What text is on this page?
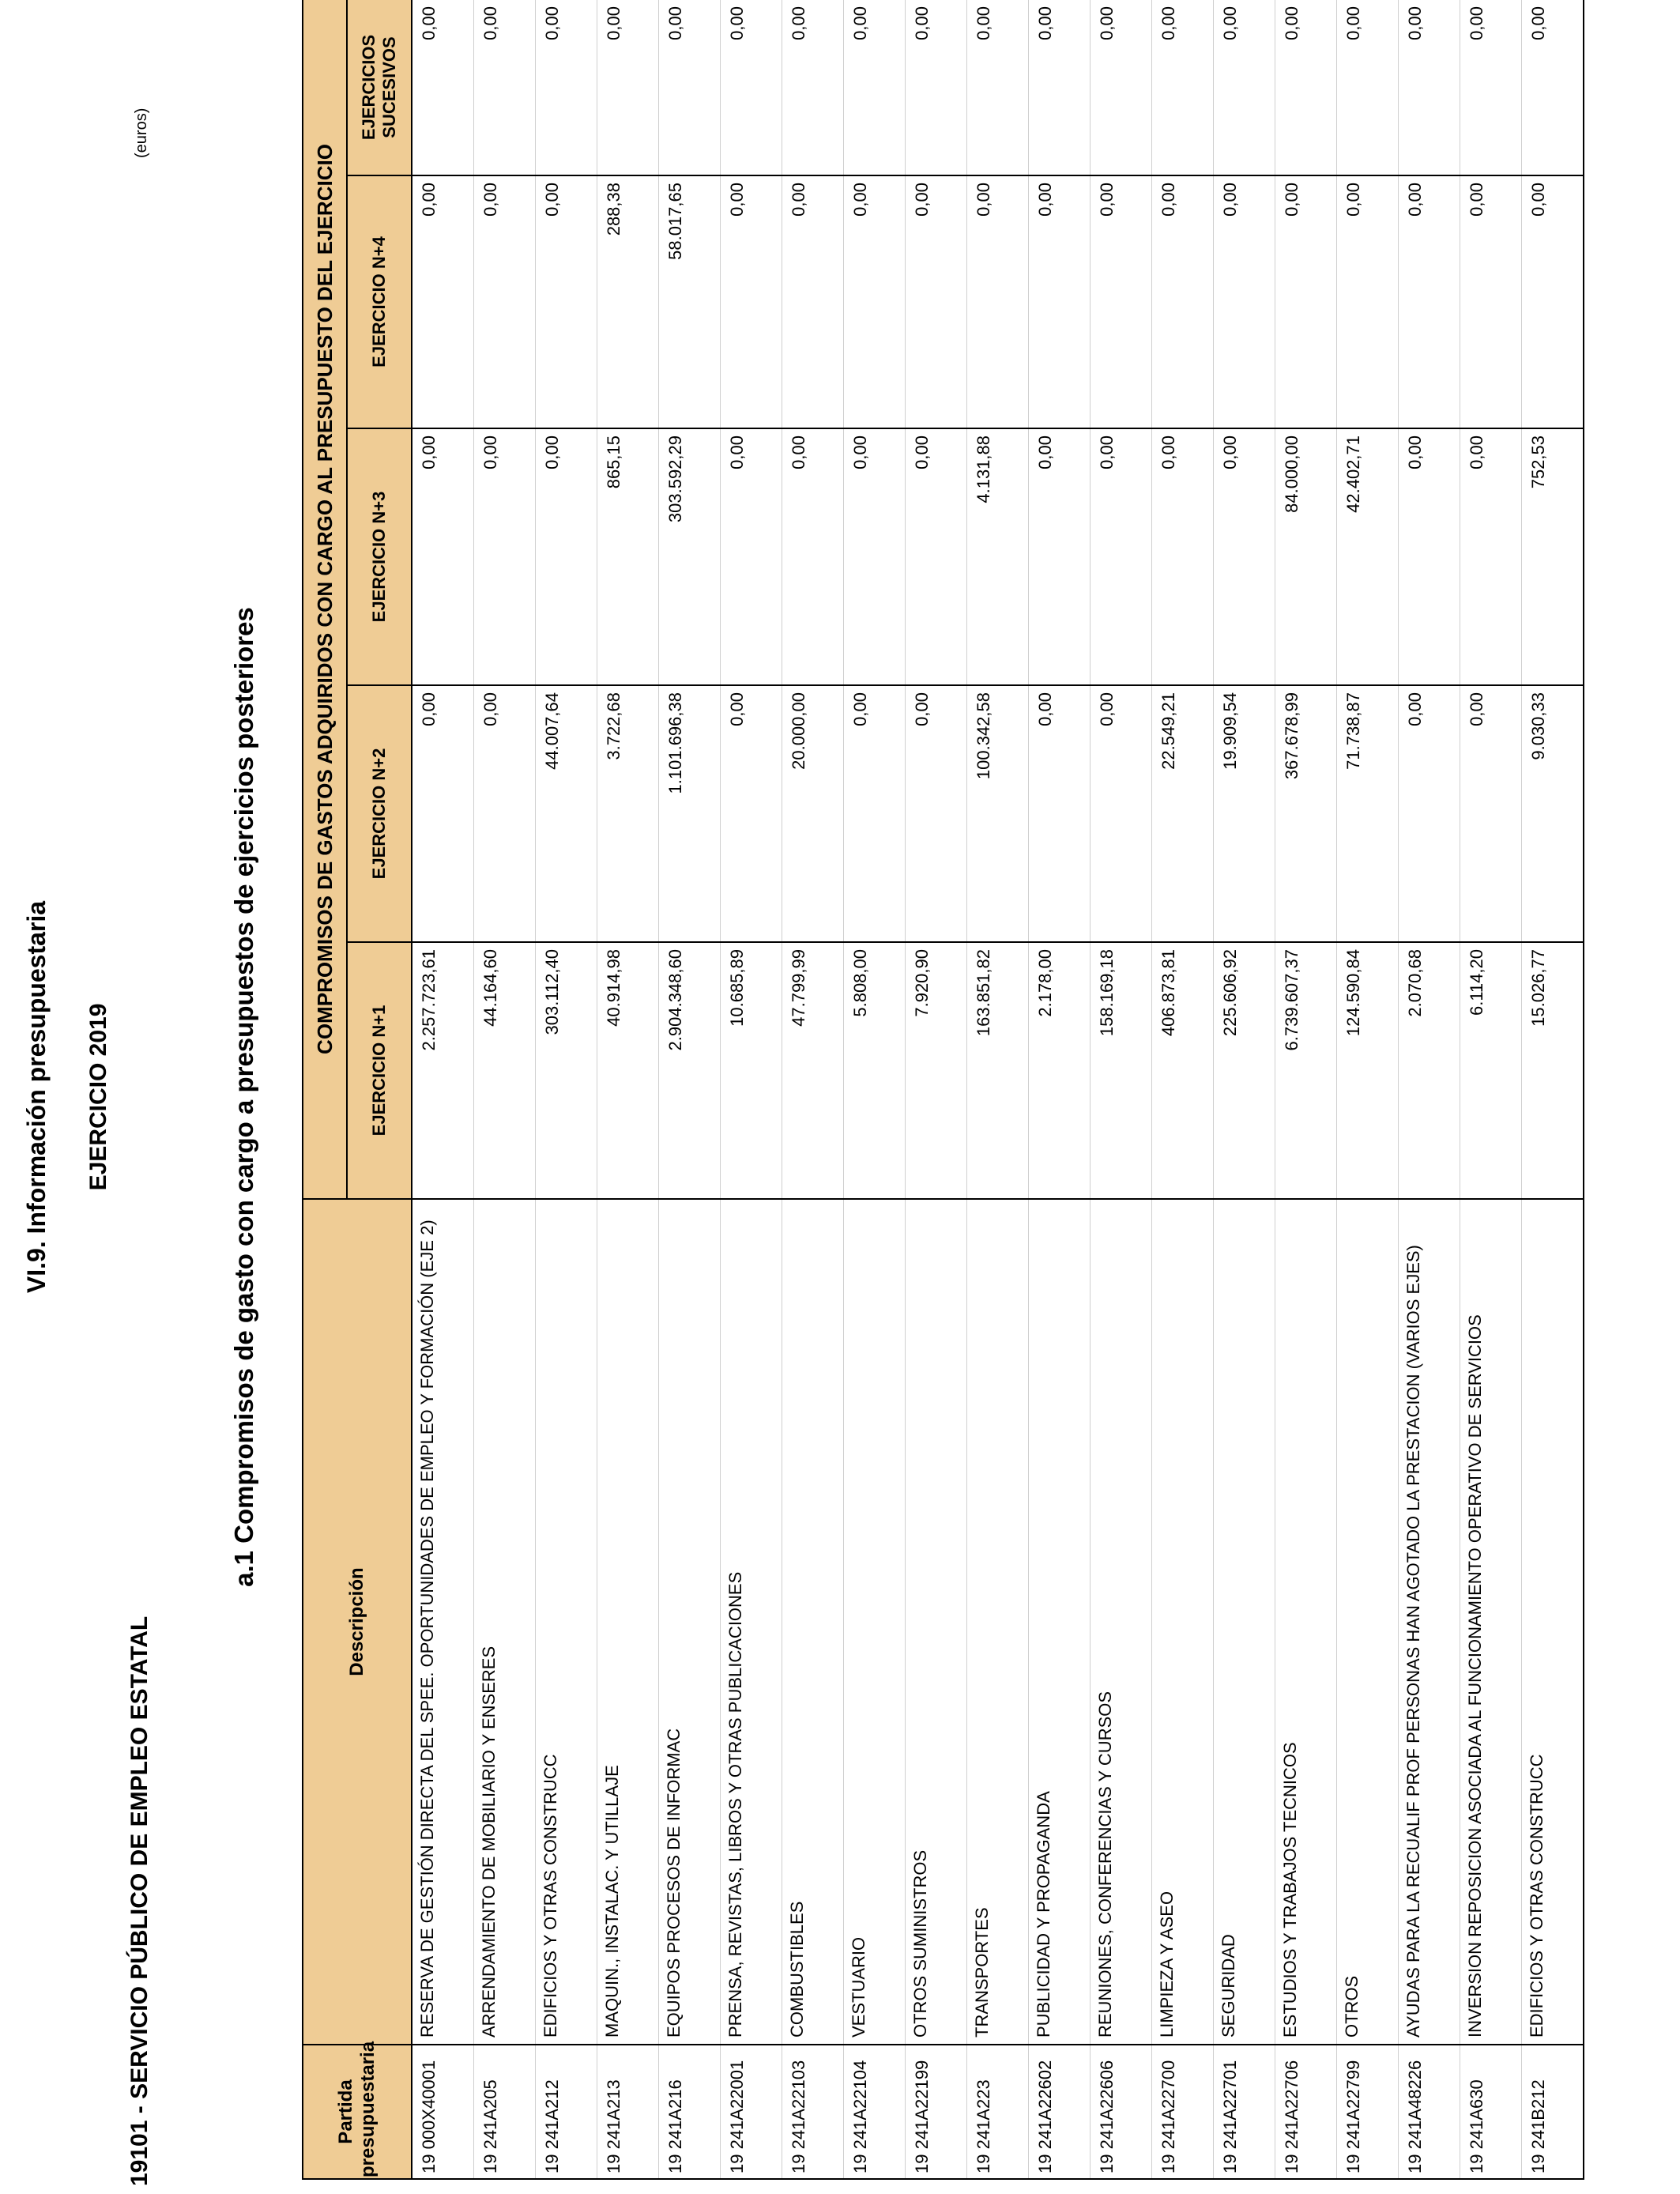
VI.9. Información presupuestaria EJERCICIO 2019
19101 - SERVICIO PÚBLICO DE EMPLEO ESTATAL
a.1 Compromisos de gasto con cargo a presupuestos de ejercicios posteriores
(euros)
Partida presupuestaria	Descripción	COMPROMISOS DE GASTOS ADQUIRIDOS CON CARGO AL PRESUPUESTO DEL EJERCICIO				
		EJERCICIO N+1	EJERCICIO N+2	EJERCICIO N+3	EJERCICIO N+4	EJERCICIOS SUCESIVOS
19 000X40001	RESERVA DE GESTIÓN DIRECTA DEL SPEE. OPORTUNIDADES DE EMPLEO Y FORMACIÓN (EJE 2)	2.257.723,61	0,00	0,00	0,00	0,00
19 241A205	ARRENDAMIENTO DE MOBILIARIO Y ENSERES	44.164,60	0,00	0,00	0,00	0,00
19 241A212	EDIFICIOS Y OTRAS CONSTRUCC	303.112,40	44.007,64	0,00	0,00	0,00
19 241A213	MAQUIN., INSTALAC. Y UTILLAJE	40.914,98	3.722,68	865,15	288,38	0,00
19 241A216	EQUIPOS PROCESOS DE INFORMAC	2.904.348,60	1.101.696,38	303.592,29	58.017,65	0,00
19 241A22001	PRENSA, REVISTAS, LIBROS Y OTRAS PUBLICACIONES	10.685,89	0,00	0,00	0,00	0,00
19 241A22103	COMBUSTIBLES	47.799,99	20.000,00	0,00	0,00	0,00
19 241A22104	VESTUARIO	5.808,00	0,00	0,00	0,00	0,00
19 241A22199	OTROS SUMINISTROS	7.920,90	0,00	0,00	0,00	0,00
19 241A223	TRANSPORTES	163.851,82	100.342,58	4.131,88	0,00	0,00
19 241A22602	PUBLICIDAD Y PROPAGANDA	2.178,00	0,00	0,00	0,00	0,00
19 241A22606	REUNIONES, CONFERENCIAS Y CURSOS	158.169,18	0,00	0,00	0,00	0,00
19 241A22700	LIMPIEZA Y ASEO	406.873,81	22.549,21	0,00	0,00	0,00
19 241A22701	SEGURIDAD	225.606,92	19.909,54	0,00	0,00	0,00
19 241A22706	ESTUDIOS Y TRABAJOS TECNICOS	6.739.607,37	367.678,99	84.000,00	0,00	0,00
19 241A22799	OTROS	124.590,84	71.738,87	42.402,71	0,00	0,00
19 241A48226	AYUDAS PARA LA RECUALIF PROF PERSONAS HAN AGOTADO LA PRESTACION (VARIOS EJES)	2.070,68	0,00	0,00	0,00	0,00
19 241A630	INVERSION REPOSICION ASOCIADA AL FUNCIONAMIENTO OPERATIVO DE SERVICIOS	6.114,20	0,00	0,00	0,00	0,00
19 241B212	EDIFICIOS Y OTRAS CONSTRUCC	15.026,77	9.030,33	752,53	0,00	0,00
